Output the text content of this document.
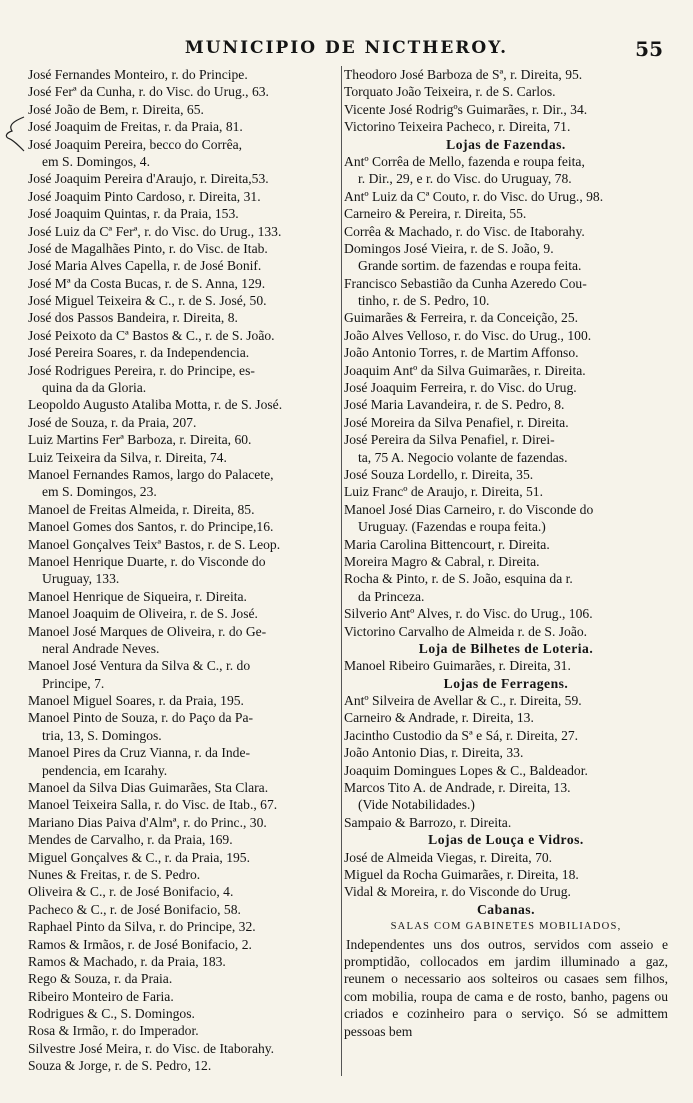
MUNICIPIO DE NICTHEROY.	55
José Fernandes Monteiro, r. do Principe.
José Ferª da Cunha, r. do Visc. do Urug., 63.
José João de Bem, r. Direita, 65.
José Joaquim de Freitas, r. da Praia, 81.
José Joaquim Pereira, becco do Corrêa,
em S. Domingos, 4.
José Joaquim Pereira d'Araujo, r. Direita,53.
José Joaquim Pinto Cardoso, r. Direita, 31.
José Joaquim Quintas, r. da Praia, 153.
José Luiz da Cª Ferª, r. do Visc. do Urug., 133.
José de Magalhães Pinto, r. do Visc. de Itab.
José Maria Alves Capella, r. de José Bonif.
José Mª da Costa Bucas, r. de S. Anna, 129.
José Miguel Teixeira & C., r. de S. José, 50.
José dos Passos Bandeira, r. Direita, 8.
José Peixoto da Cª Bastos & C., r. de S. João.
José Pereira Soares, r. da Independencia.
José Rodrigues Pereira, r. do Principe, es-
quina da da Gloria.
Leopoldo Augusto Ataliba Motta, r. de S. José.
José de Souza, r. da Praia, 207.
Luiz Martins Ferª Barboza, r. Direita, 60.
Luiz Teixeira da Silva, r. Direita, 74.
Manoel Fernandes Ramos, largo do Palacete,
em S. Domingos, 23.
Manoel de Freitas Almeida, r. Direita, 85.
Manoel Gomes dos Santos, r. do Principe,16.
Manoel Gonçalves Teixª Bastos, r. de S. Leop.
Manoel Henrique Duarte, r. do Visconde do
Uruguay, 133.
Manoel Henrique de Siqueira, r. Direita.
Manoel Joaquim de Oliveira, r. de S. José.
Manoel José Marques de Oliveira, r. do Ge-
neral Andrade Neves.
Manoel José Ventura da Silva & C., r. do
Principe, 7.
Manoel Miguel Soares, r. da Praia, 195.
Manoel Pinto de Souza, r. do Paço da Pa-
tria, 13, S. Domingos.
Manoel Pires da Cruz Vianna, r. da Inde-
pendencia, em Icarahy.
Manoel da Silva Dias Guimarães, Sta Clara.
Manoel Teixeira Salla, r. do Visc. de Itab., 67.
Mariano Dias Paiva d'Almª, r. do Princ., 30.
Mendes de Carvalho, r. da Praia, 169.
Miguel Gonçalves & C., r. da Praia, 195.
Nunes & Freitas, r. de S. Pedro.
Oliveira & C., r. de José Bonifacio, 4.
Pacheco & C., r. de José Bonifacio, 58.
Raphael Pinto da Silva, r. do Principe, 32.
Ramos & Irmãos, r. de José Bonifacio, 2.
Ramos & Machado, r. da Praia, 183.
Rego & Souza, r. da Praia.
Ribeiro Monteiro de Faria.
Rodrigues & C., S. Domingos.
Rosa & Irmão, r. do Imperador.
Silvestre José Meira, r. do Visc. de Itaborahy.
Souza & Jorge, r. de S. Pedro, 12.
Theodoro José Barboza de Sª, r. Direita, 95.
Torquato João Teixeira, r. de S. Carlos.
Vicente José Rodrigºs Guimarães, r. Dir., 34.
Victorino Teixeira Pacheco, r. Direita, 71.
Lojas de Fazendas.
Antº Corrêa de Mello, fazenda e roupa feita,
r. Dir., 29, e r. do Visc. do Uruguay, 78.
Antº Luiz da Cª Couto, r. do Visc. do Urug., 98.
Carneiro & Pereira, r. Direita, 55.
Corrêa & Machado, r. do Visc. de Itaborahy.
Domingos José Vieira, r. de S. João, 9.
Grande sortim. de fazendas e roupa feita.
Francisco Sebastião da Cunha Azeredo Cou-
tinho, r. de S. Pedro, 10.
Guimarães & Ferreira, r. da Conceição, 25.
João Alves Velloso, r. do Visc. do Urug., 100.
João Antonio Torres, r. de Martim Affonso.
Joaquim Antº da Silva Guimarães, r. Direita.
José Joaquim Ferreira, r. do Visc. do Urug.
José Maria Lavandeira, r. de S. Pedro, 8.
José Moreira da Silva Penafiel, r. Direita.
José Pereira da Silva Penafiel, r. Direi-
ta, 75 A. Negocio volante de fazendas.
José Souza Lordello, r. Direita, 35.
Luiz Francº de Araujo, r. Direita, 51.
Manoel José Dias Carneiro, r. do Visconde do
Uruguay. (Fazendas e roupa feita.)
Maria Carolina Bittencourt, r. Direita.
Moreira Magro & Cabral, r. Direita.
Rocha & Pinto, r. de S. João, esquina da r.
da Princeza.
Silverio Antº Alves, r. do Visc. do Urug., 106.
Victorino Carvalho de Almeida r. de S. João.
Loja de Bilhetes de Loteria.
Manoel Ribeiro Guimarães, r. Direita, 31.
Lojas de Ferragens.
Antº Silveira de Avellar & C., r. Direita, 59.
Carneiro & Andrade, r. Direita, 13.
Jacintho Custodio da Sª e Sá, r. Direita, 27.
João Antonio Dias, r. Direita, 33.
Joaquim Domingues Lopes & C., Baldeador.
Marcos Tito A. de Andrade, r. Direita, 13.
(Vide Notabilidades.)
Sampaio & Barrozo, r. Direita.
Lojas de Louça e Vidros.
José de Almeida Viegas, r. Direita, 70.
Miguel da Rocha Guimarães, r. Direita, 18.
Vidal & Moreira, r. do Visconde do Urug.
Cabanas.
SALAS COM GABINETES MOBILIADOS,
Independentes uns dos outros, servidos com asseio e promptidão, collocados em jardim illuminado a gaz, reunem o necessario aos solteiros ou casaes sem filhos, com mobilia, roupa de cama e de rosto, banho, pagens ou criados e cozinheiro para o serviço. Só se admittem pessoas bem
